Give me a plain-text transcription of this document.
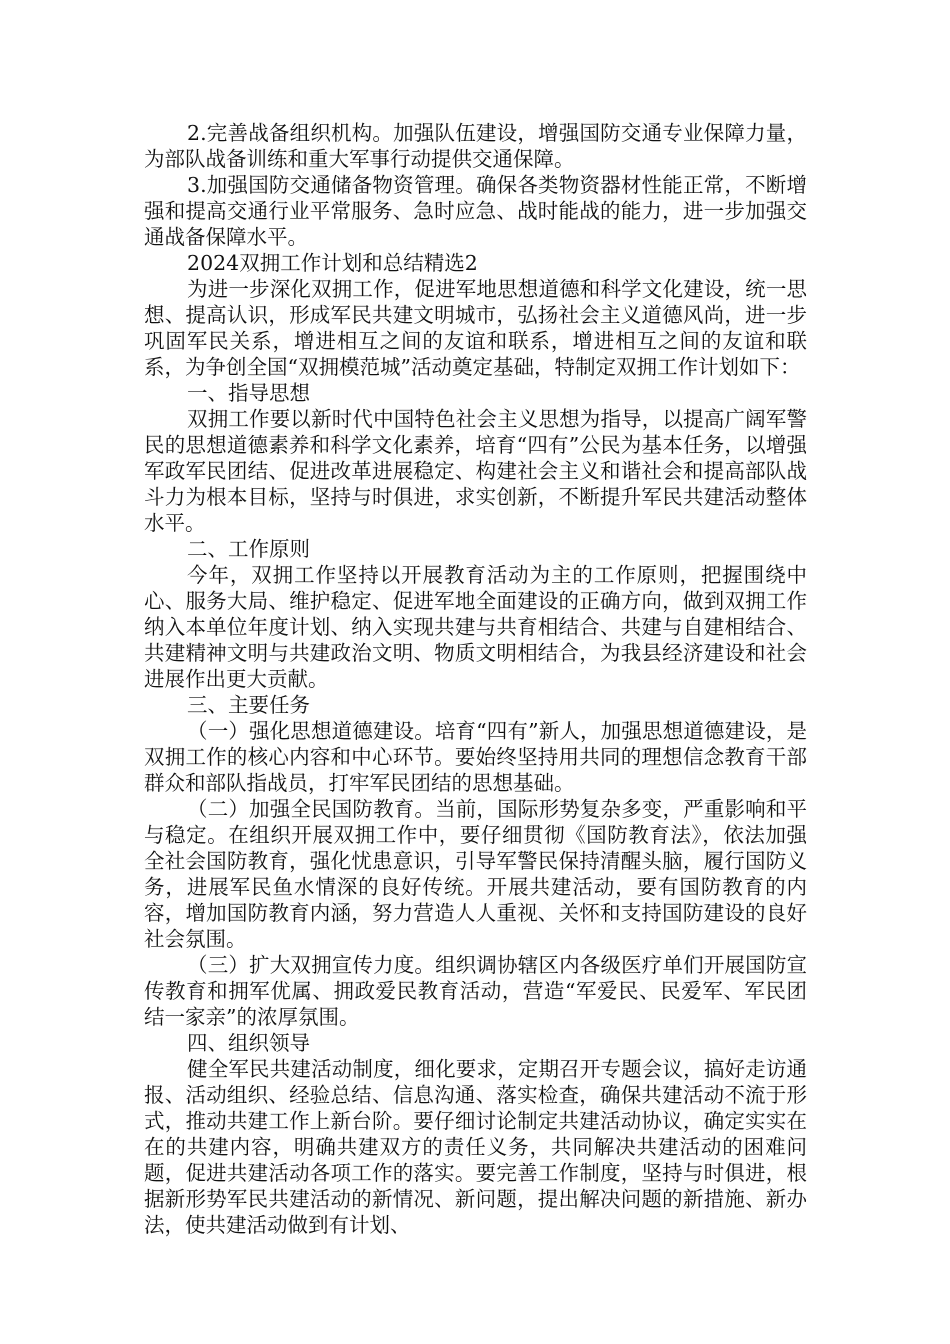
2.完善战备组织机构。加强队伍建设，增强国防交通专业保障力量，为部队战备训练和重大军事行动提供交通保障。

3.加强国防交通储备物资管理。确保各类物资器材性能正常，不断增强和提高交通行业平常服务、急时应急、战时能战的能力，进一步加强交通战备保障水平。

2024双拥工作计划和总结精选2

为进一步深化双拥工作，促进军地思想道德和科学文化建设，统一思想、提高认识，形成军民共建文明城市，弘扬社会主义道德风尚，进一步巩固军民关系，增进相互之间的友谊和联系，增进相互之间的友谊和联系，为争创全国“双拥模范城”活动奠定基础，特制定双拥工作计划如下：

一、指导思想

双拥工作要以新时代中国特色社会主义思想为指导，以提高广阔军警民的思想道德素养和科学文化素养，培育“四有”公民为基本任务，以增强军政军民团结、促进改革进展稳定、构建社会主义和谐社会和提高部队战斗力为根本目标，坚持与时俱进，求实创新，不断提升军民共建活动整体水平。

二、工作原则

今年，双拥工作坚持以开展教育活动为主的工作原则，把握围绕中心、服务大局、维护稳定、促进军地全面建设的正确方向，做到双拥工作纳入本单位年度计划、纳入实现共建与共育相结合、共建与自建相结合、共建精神文明与共建政治文明、物质文明相结合，为我县经济建设和社会进展作出更大贡献。

三、主要任务

（一）强化思想道德建设。培育“四有”新人，加强思想道德建设，是双拥工作的核心内容和中心环节。要始终坚持用共同的理想信念教育干部群众和部队指战员，打牢军民团结的思想基础。

（二）加强全民国防教育。当前，国际形势复杂多变，严重影响和平与稳定。在组织开展双拥工作中，要仔细贯彻《国防教育法》，依法加强全社会国防教育，强化忧患意识，引导军警民保持清醒头脑，履行国防义务，进展军民鱼水情深的良好传统。开展共建活动，要有国防教育的内容，增加国防教育内涵，努力营造人人重视、关怀和支持国防建设的良好社会氛围。

（三）扩大双拥宣传力度。组织调协辖区内各级医疗单们开展国防宣传教育和拥军优属、拥政爱民教育活动，营造“军爱民、民爱军、军民团结一家亲”的浓厚氛围。

四、组织领导

健全军民共建活动制度，细化要求，定期召开专题会议，搞好走访通报、活动组织、经验总结、信息沟通、落实检查，确保共建活动不流于形式，推动共建工作上新台阶。要仔细讨论制定共建活动协议，确定实实在在的共建内容，明确共建双方的责任义务，共同解决共建活动的困难问题，促进共建活动各项工作的落实。要完善工作制度，坚持与时俱进，根据新形势军民共建活动的新情况、新问题，提出解决问题的新措施、新办法，使共建活动做到有计划、
